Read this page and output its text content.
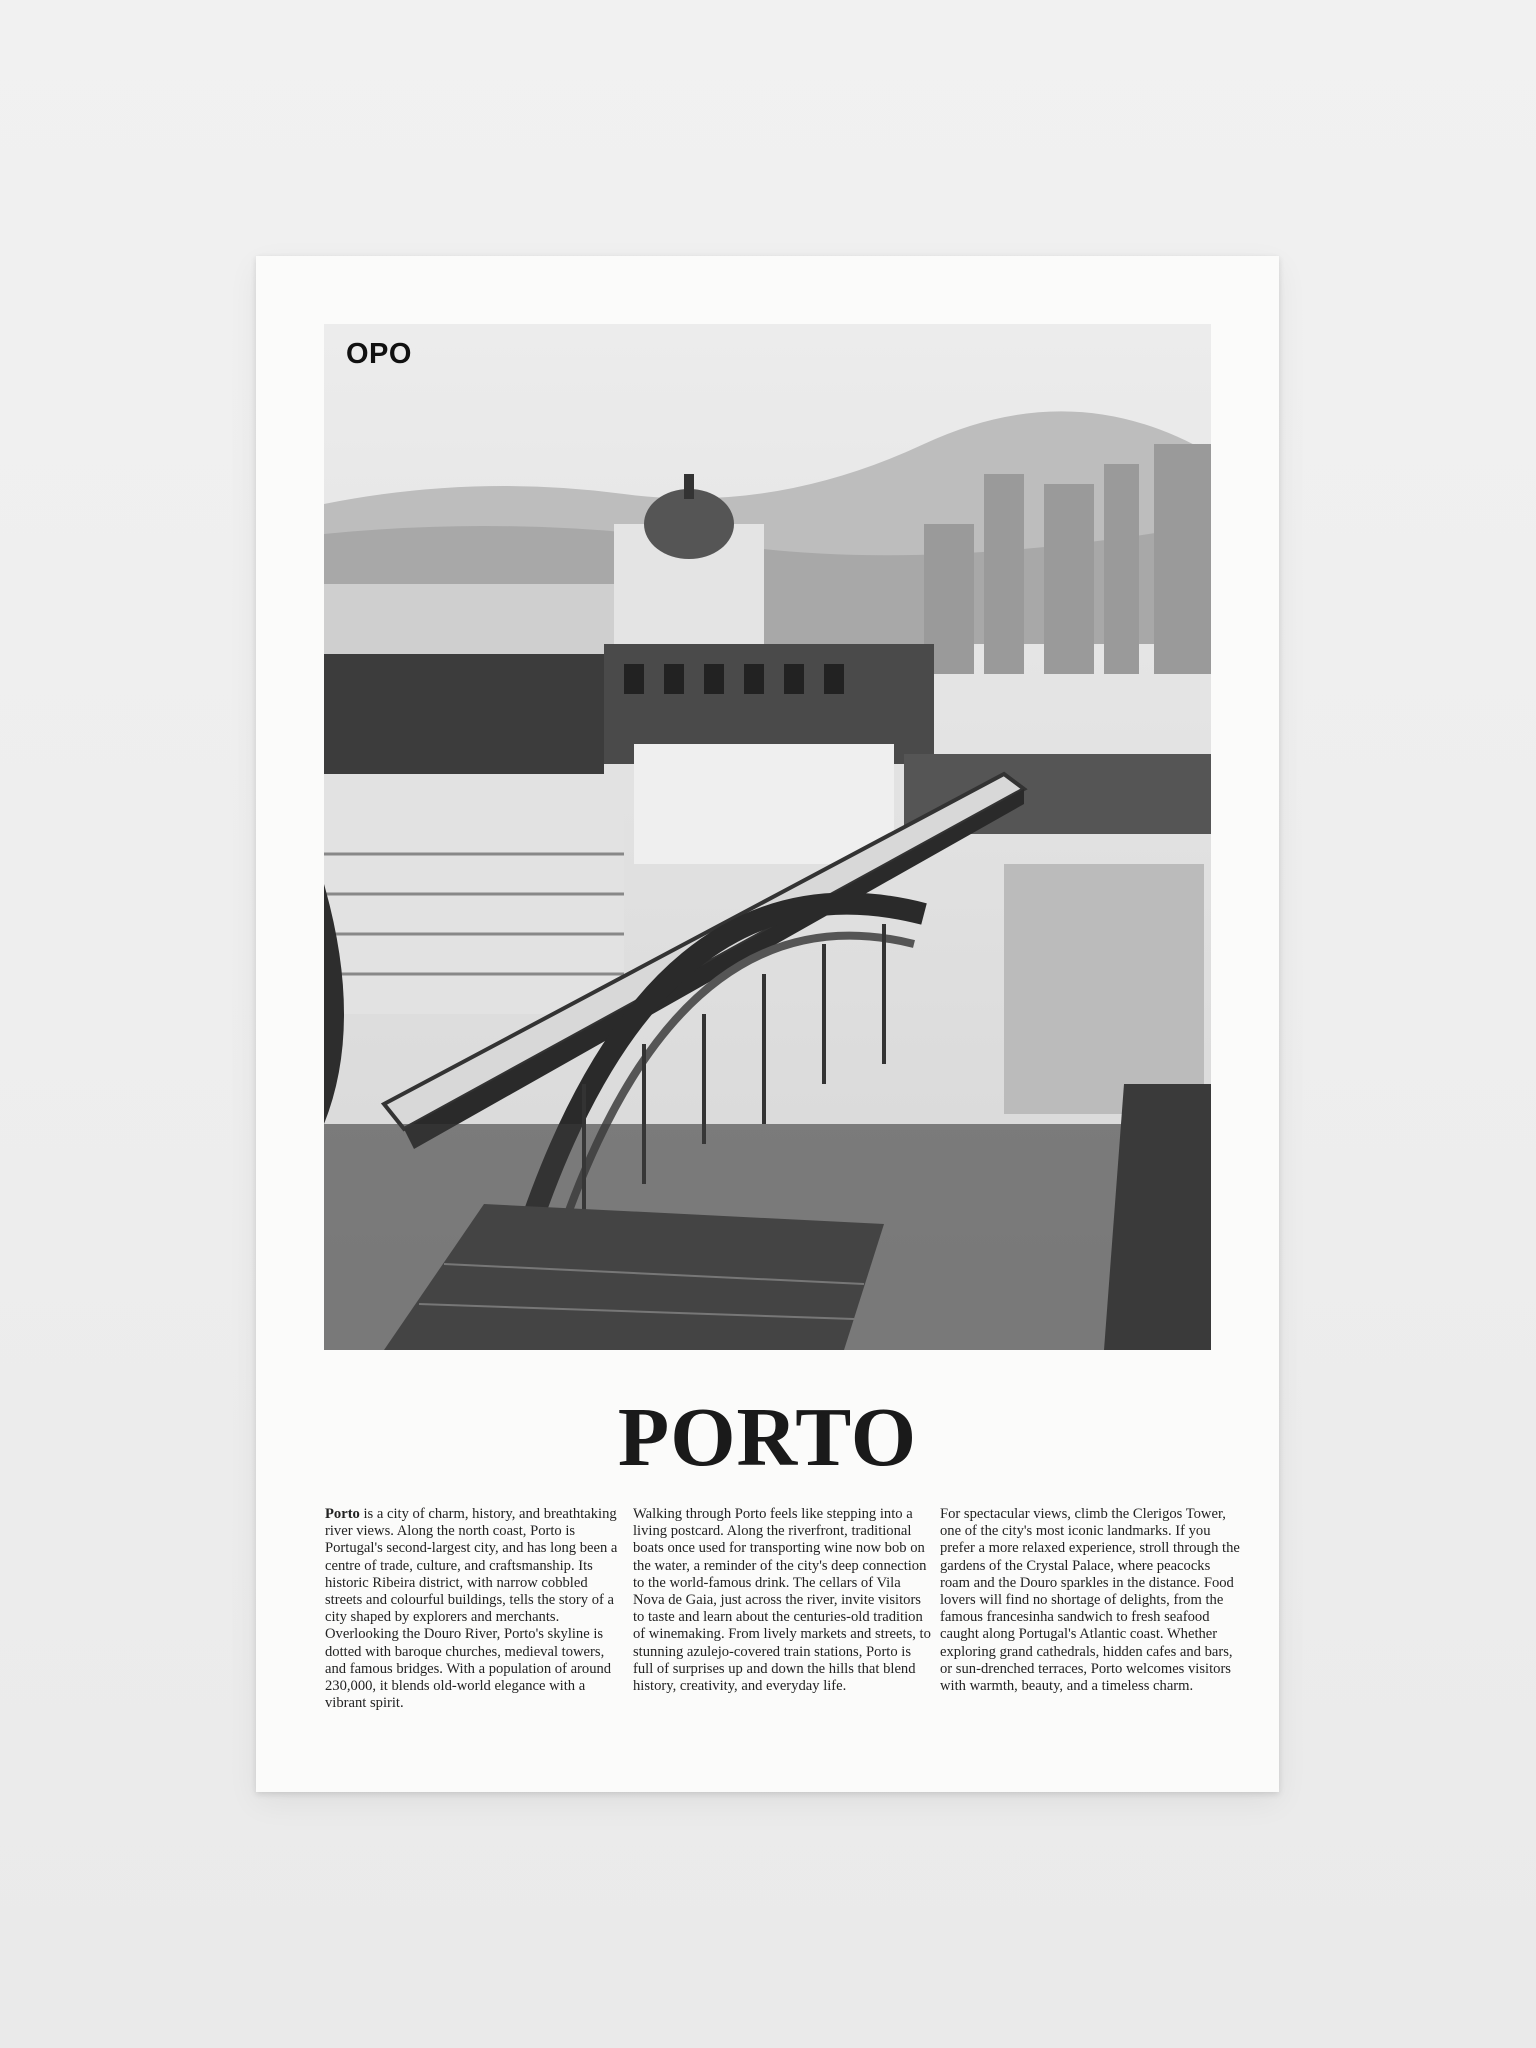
OPO
PORTO
Porto is a city of charm, history, and breathtaking river views. Along the north coast, Porto is Portugal's second-largest city, and has long been a centre of trade, culture, and craftsmanship. Its historic Ribeira district, with narrow cobbled streets and colourful buildings, tells the story of a city shaped by explorers and merchants. Overlooking the Douro River, Porto's skyline is dotted with baroque churches, medieval towers, and famous bridges. With a population of around 230,000, it blends old-world elegance with a vibrant spirit.
Walking through Porto feels like stepping into a living postcard. Along the riverfront, traditional boats once used for transporting wine now bob on the water, a reminder of the city's deep connection to the world-famous drink. The cellars of Vila Nova de Gaia, just across the river, invite visitors to taste and learn about the centuries-old tradition of winemaking. From lively markets and streets, to stunning azulejo-covered train stations, Porto is full of surprises up and down the hills that blend history, creativity, and everyday life.
For spectacular views, climb the Clerigos Tower, one of the city's most iconic landmarks. If you prefer a more relaxed experience, stroll through the gardens of the Crystal Palace, where peacocks roam and the Douro sparkles in the distance. Food lovers will find no shortage of delights, from the famous francesinha sandwich to fresh seafood caught along Portugal's Atlantic coast. Whether exploring grand cathedrals, hidden cafes and bars, or sun-drenched terraces, Porto welcomes visitors with warmth, beauty, and a timeless charm.
